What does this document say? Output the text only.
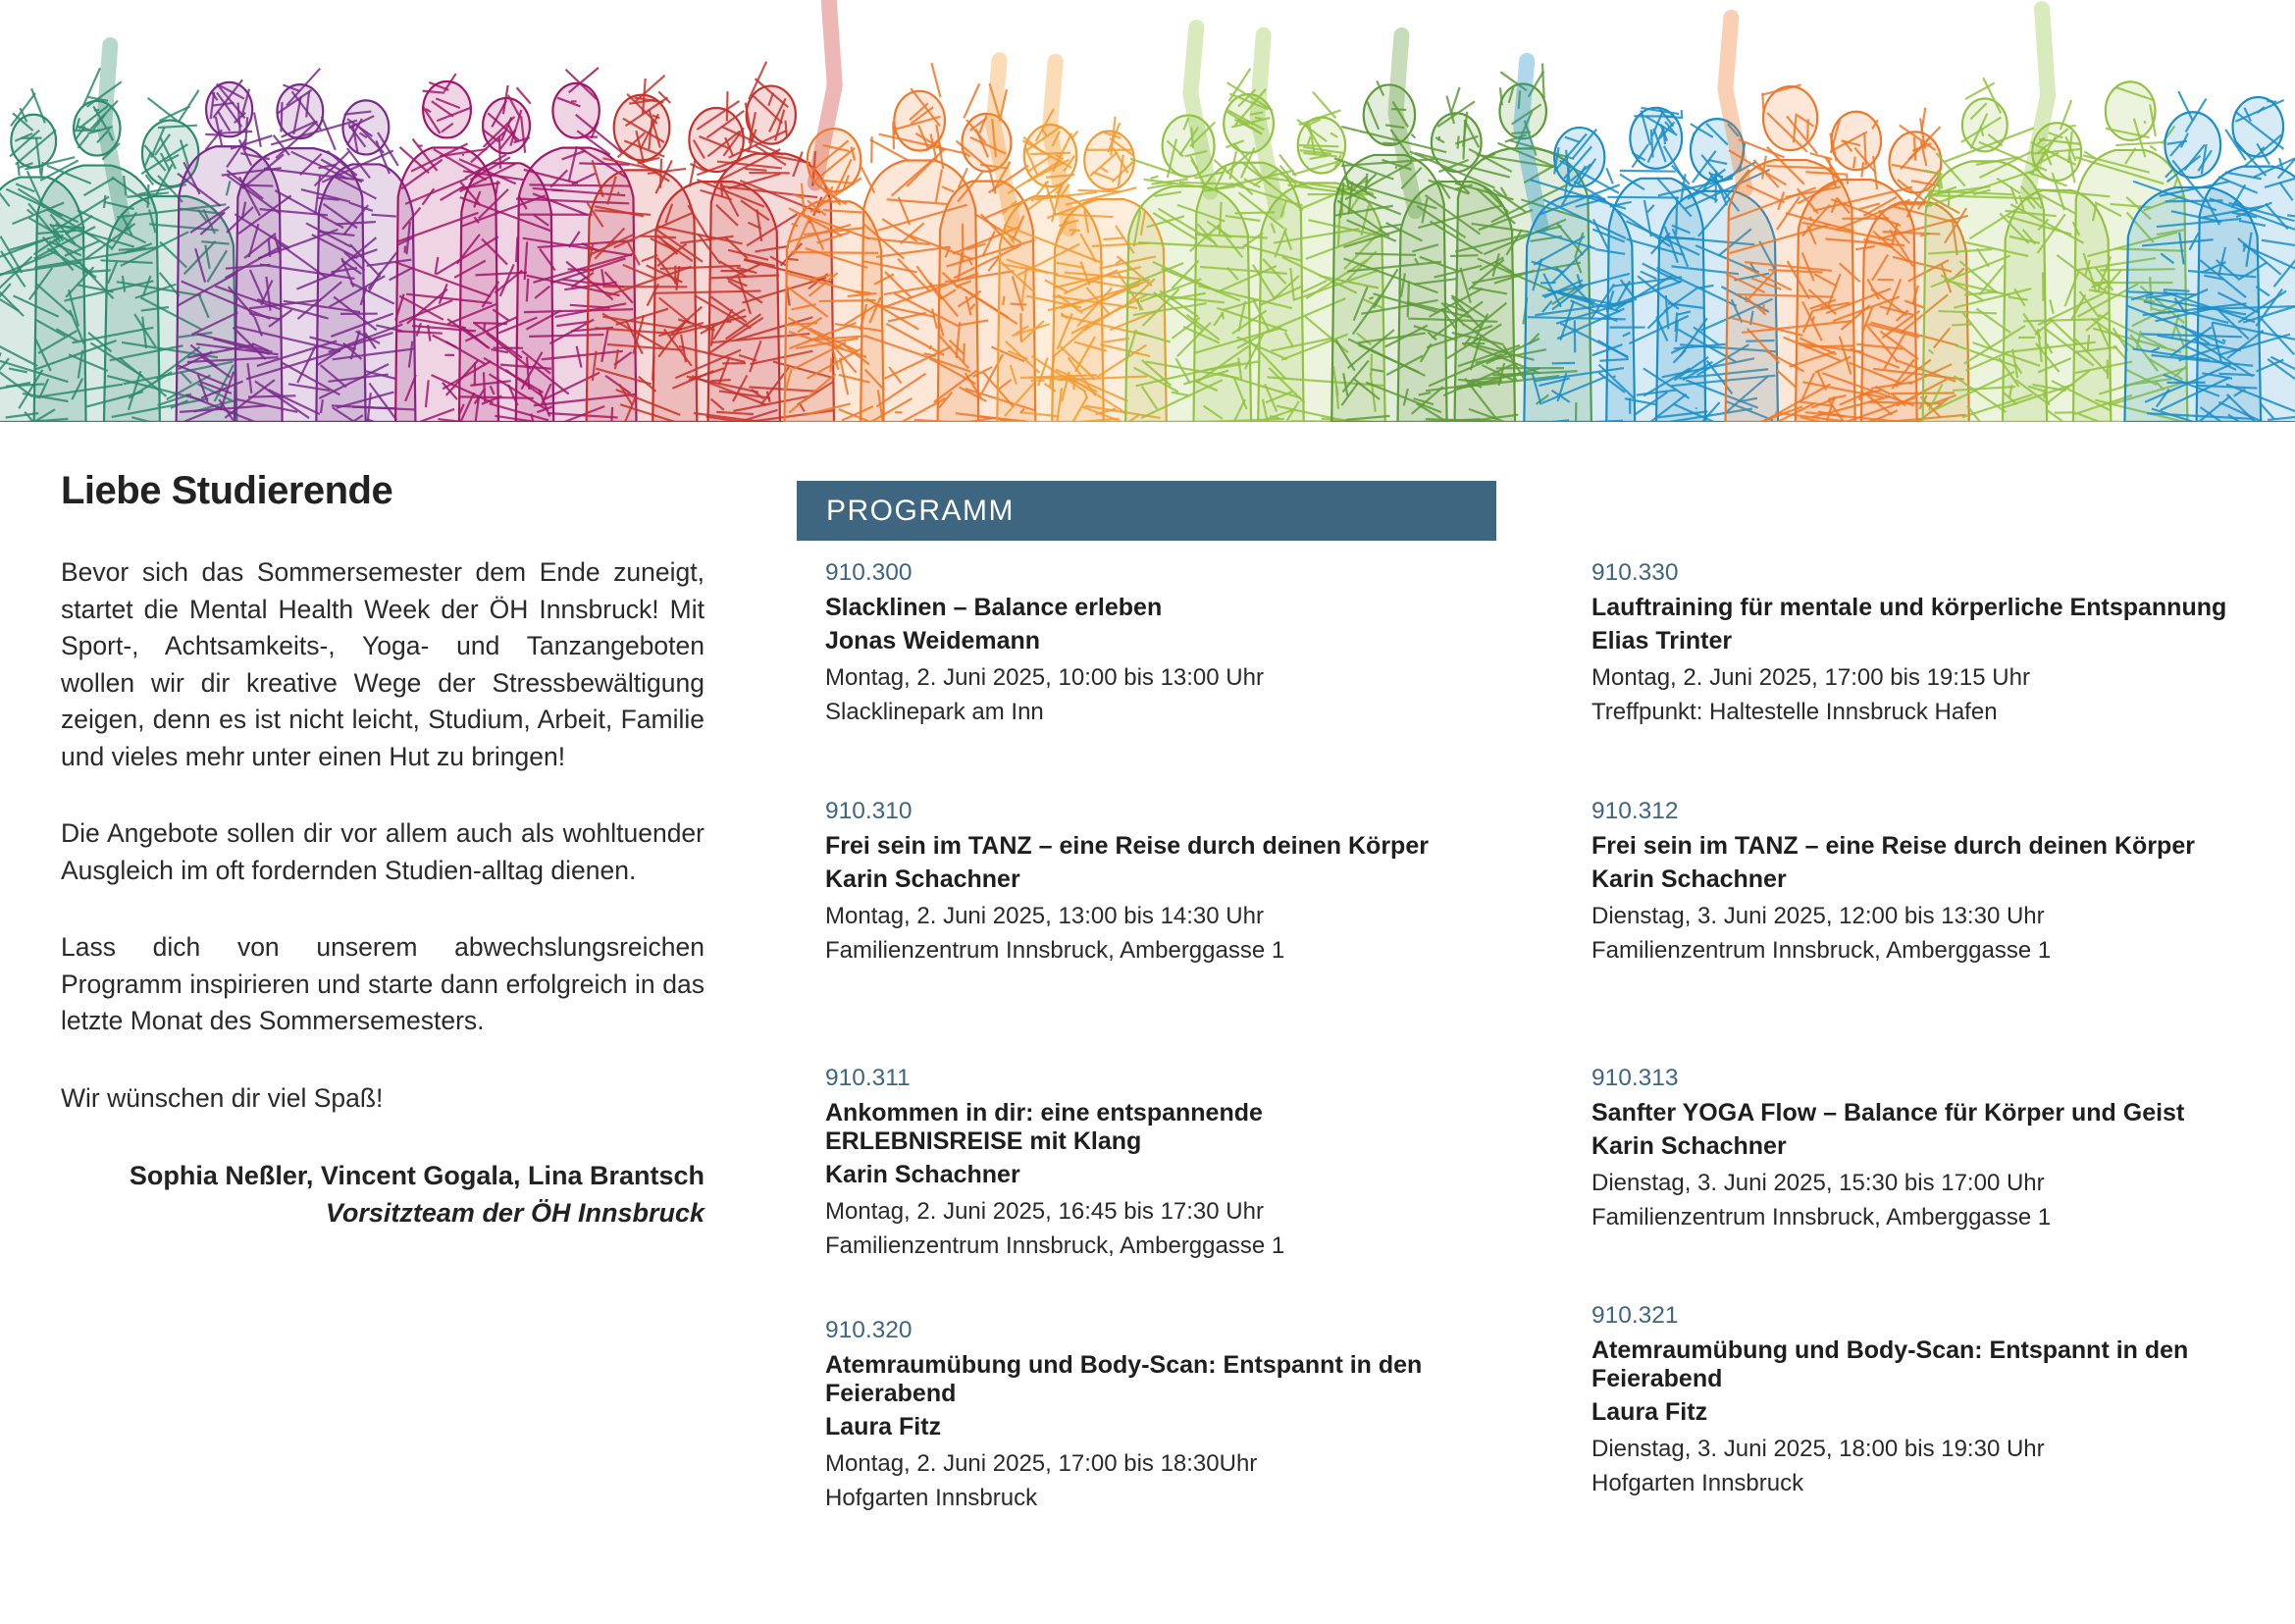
Liebe Studierende

Bevor sich das Sommersemester dem Ende zuneigt, startet die Mental Health Week der ÖH Innsbruck! Mit Sport-, Achtsamkeits-, Yoga- und Tanzangeboten wollen wir dir kreative Wege der Stressbewältigung zeigen, denn es ist nicht leicht, Studium, Arbeit, Familie und vieles mehr unter einen Hut zu bringen!

Die Angebote sollen dir vor allem auch als wohltuender Ausgleich im oft fordernden Studien-alltag dienen.

Lass dich von unserem abwechslungsreichen Programm inspirieren und starte dann erfolgreich in das letzte Monat des Sommersemesters.

Wir wünschen dir viel Spaß!

Sophia Neßler, Vincent Gogala, Lina Brantsch
Vorsitzteam der ÖH Innsbruck
PROGRAMM
910.300
Slacklinen – Balance erleben
Jonas Weidemann
Montag, 2. Juni 2025, 10:00 bis 13:00 Uhr
Slacklinepark am Inn
910.310
Frei sein im TANZ – eine Reise durch deinen Körper
Karin Schachner
Montag, 2. Juni 2025, 13:00 bis 14:30 Uhr
Familienzentrum Innsbruck, Amberggasse 1
910.311
Ankommen in dir: eine entspannende ERLEBNISREISE mit Klang
Karin Schachner
Montag, 2. Juni 2025, 16:45 bis 17:30 Uhr
Familienzentrum Innsbruck, Amberggasse 1
910.320
Atemraumübung und Body-Scan: Entspannt in den Feierabend
Laura Fitz
Montag, 2. Juni 2025, 17:00 bis 18:30Uhr
Hofgarten Innsbruck
910.330
Lauftraining für mentale und körperliche Entspannung
Elias Trinter
Montag, 2. Juni 2025, 17:00 bis 19:15 Uhr
Treffpunkt: Haltestelle Innsbruck Hafen
910.312
Frei sein im TANZ – eine Reise durch deinen Körper
Karin Schachner
Dienstag, 3. Juni 2025, 12:00 bis 13:30 Uhr
Familienzentrum Innsbruck, Amberggasse 1
910.313
Sanfter YOGA Flow – Balance für Körper und Geist
Karin Schachner
Dienstag, 3. Juni 2025, 15:30 bis 17:00 Uhr
Familienzentrum Innsbruck, Amberggasse 1
910.321
Atemraumübung und Body-Scan: Entspannt in den Feierabend
Laura Fitz
Dienstag, 3. Juni 2025, 18:00 bis 19:30 Uhr
Hofgarten Innsbruck
